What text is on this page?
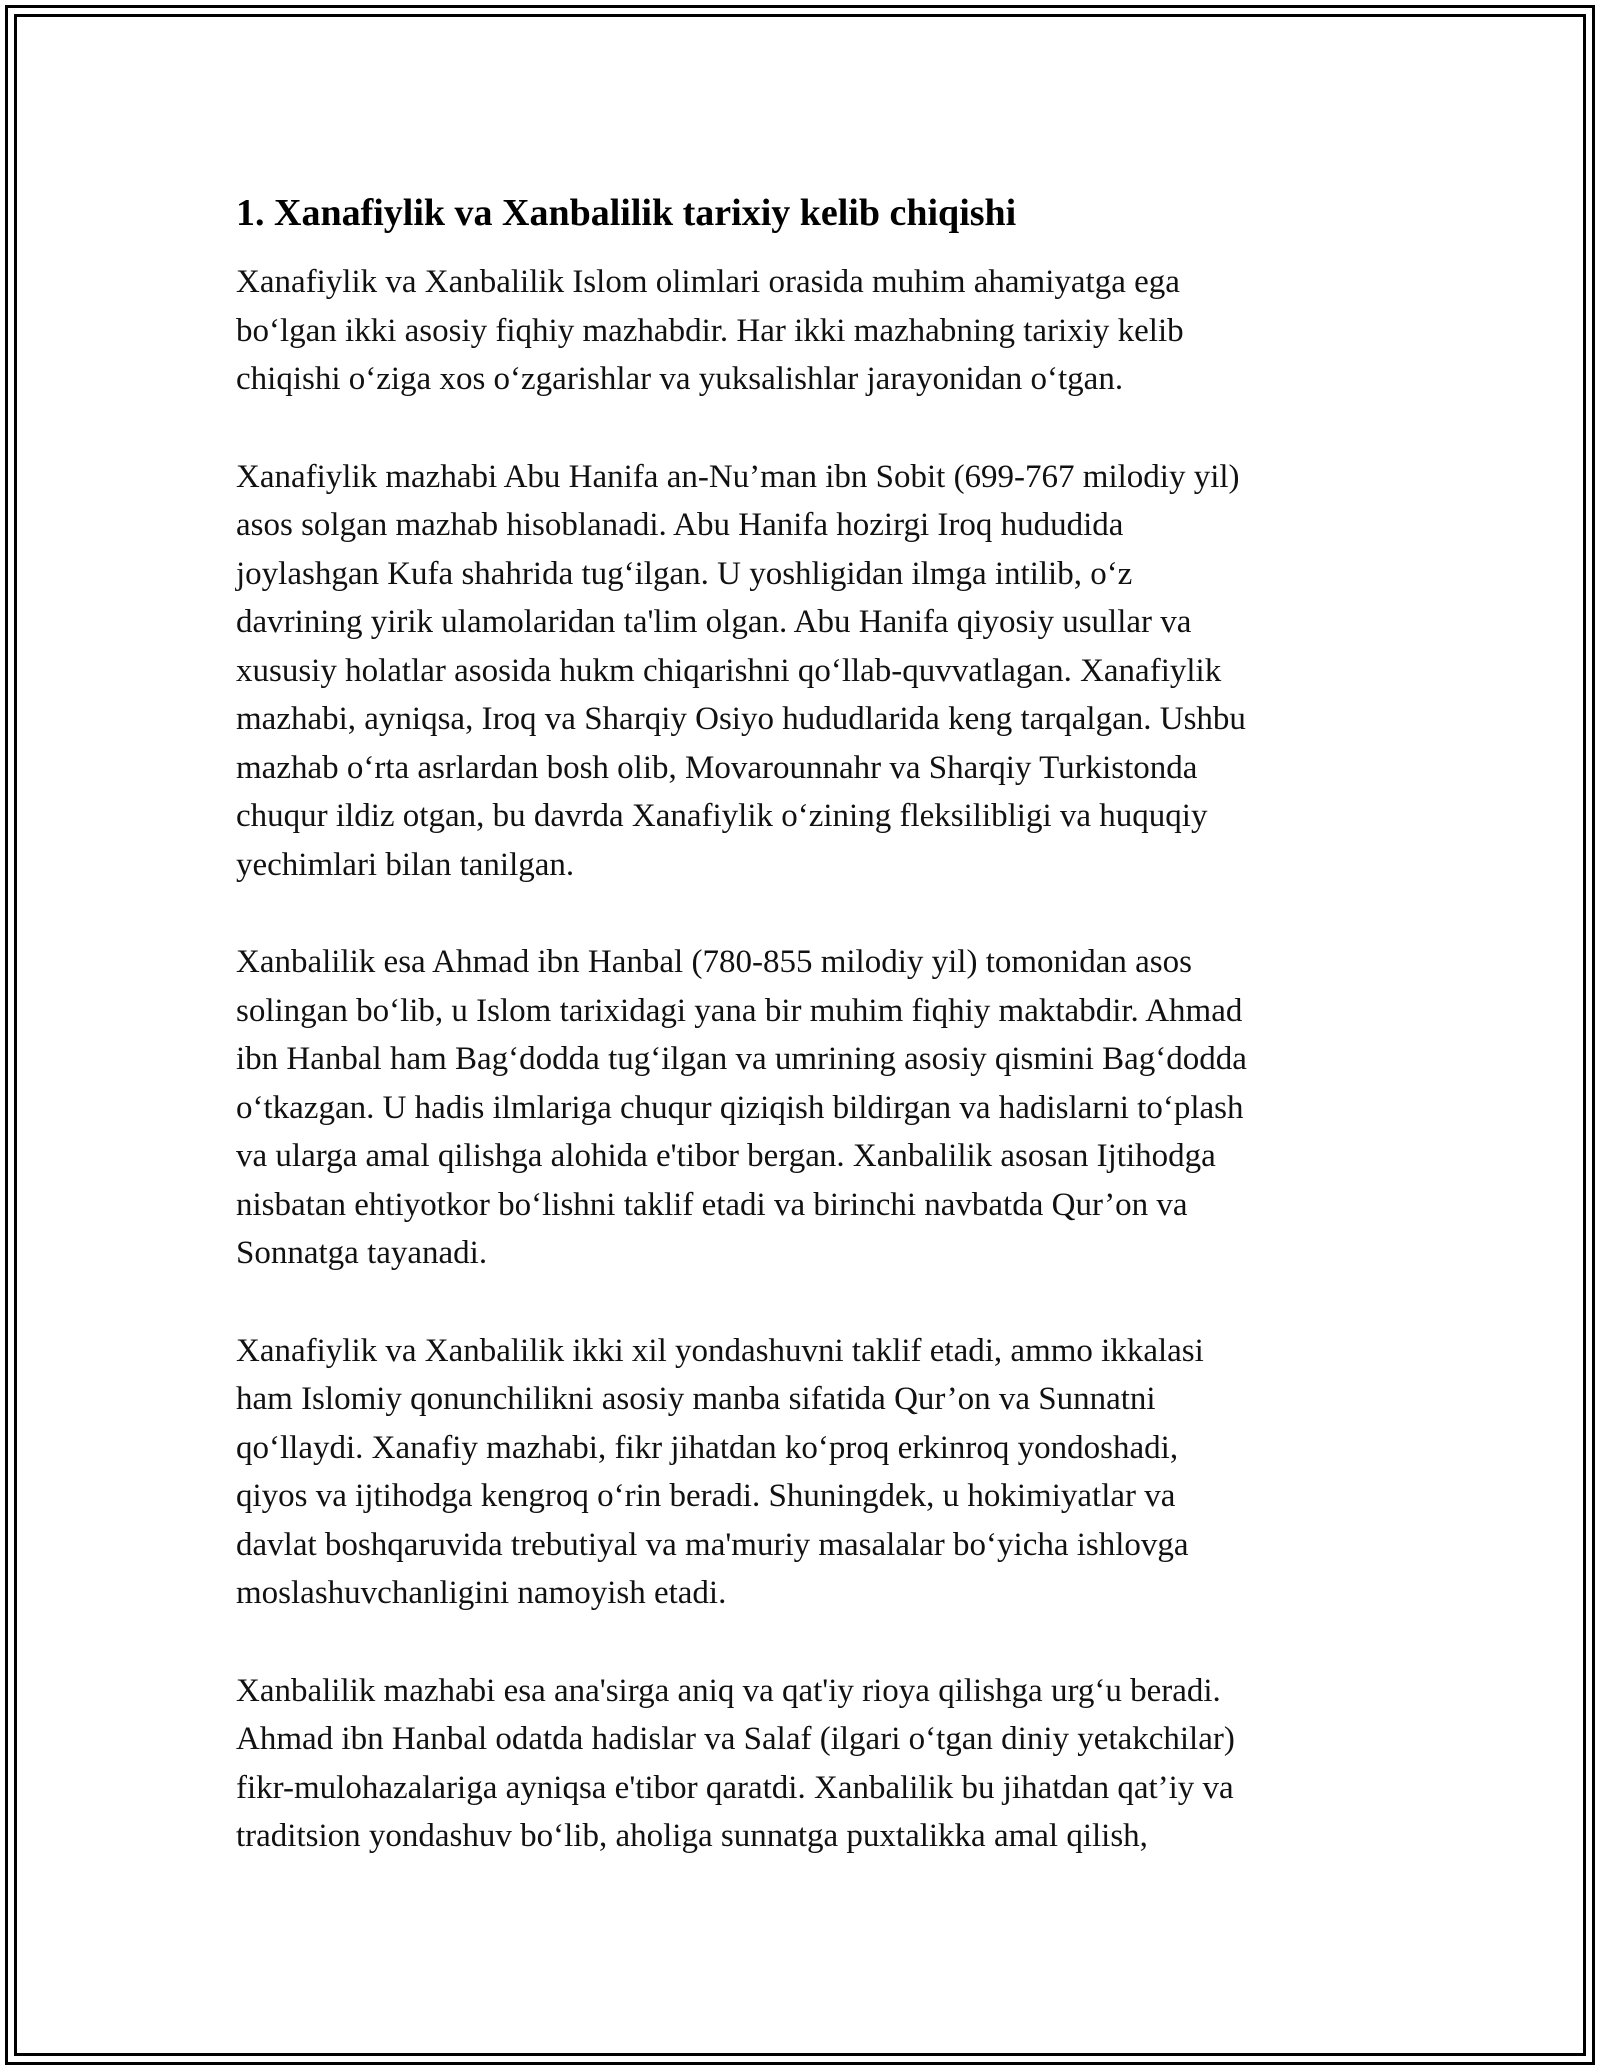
1. Xanafiylik va Xanbalilik tarixiy kelib chiqishi

Xanafiylik va Xanbalilik Islom olimlari orasida muhim ahamiyatga ega
bo‘lgan ikki asosiy fiqhiy mazhabdir. Har ikki mazhabning tarixiy kelib
chiqishi o‘ziga xos o‘zgarishlar va yuksalishlar jarayonidan o‘tgan.

Xanafiylik mazhabi Abu Hanifa an-Nu’man ibn Sobit (699-767 milodiy yil)
asos solgan mazhab hisoblanadi. Abu Hanifa hozirgi Iroq hududida
joylashgan Kufa shahrida tug‘ilgan. U yoshligidan ilmga intilib, o‘z
davrining yirik ulamolaridan ta'lim olgan. Abu Hanifa qiyosiy usullar va
xususiy holatlar asosida hukm chiqarishni qo‘llab-quvvatlagan. Xanafiylik
mazhabi, ayniqsa, Iroq va Sharqiy Osiyo hududlarida keng tarqalgan. Ushbu
mazhab o‘rta asrlardan bosh olib, Movarounnahr va Sharqiy Turkistonda
chuqur ildiz otgan, bu davrda Xanafiylik o‘zining fleksilibligi va huquqiy
yechimlari bilan tanilgan.

Xanbalilik esa Ahmad ibn Hanbal (780-855 milodiy yil) tomonidan asos
solingan bo‘lib, u Islom tarixidagi yana bir muhim fiqhiy maktabdir. Ahmad
ibn Hanbal ham Bag‘dodda tug‘ilgan va umrining asosiy qismini Bag‘dodda
o‘tkazgan. U hadis ilmlariga chuqur qiziqish bildirgan va hadislarni to‘plash
va ularga amal qilishga alohida e'tibor bergan. Xanbalilik asosan Ijtihodga
nisbatan ehtiyotkor bo‘lishni taklif etadi va birinchi navbatda Qur’on va
Sonnatga tayanadi.

Xanafiylik va Xanbalilik ikki xil yondashuvni taklif etadi, ammo ikkalasi
ham Islomiy qonunchilikni asosiy manba sifatida Qur’on va Sunnatni
qo‘llaydi. Xanafiy mazhabi, fikr jihatdan ko‘proq erkinroq yondoshadi,
qiyos va ijtihodga kengroq o‘rin beradi. Shuningdek, u hokimiyatlar va
davlat boshqaruvida trebutiyal va ma'muriy masalalar bo‘yicha ishlovga
moslashuvchanligini namoyish etadi.

Xanbalilik mazhabi esa ana'sirga aniq va qat'iy rioya qilishga urg‘u beradi.
Ahmad ibn Hanbal odatda hadislar va Salaf (ilgari o‘tgan diniy yetakchilar)
fikr-mulohazalariga ayniqsa e'tibor qaratdi. Xanbalilik bu jihatdan qat’iy va
traditsion yondashuv bo‘lib, aholiga sunnatga puxtalikka amal qilish,
